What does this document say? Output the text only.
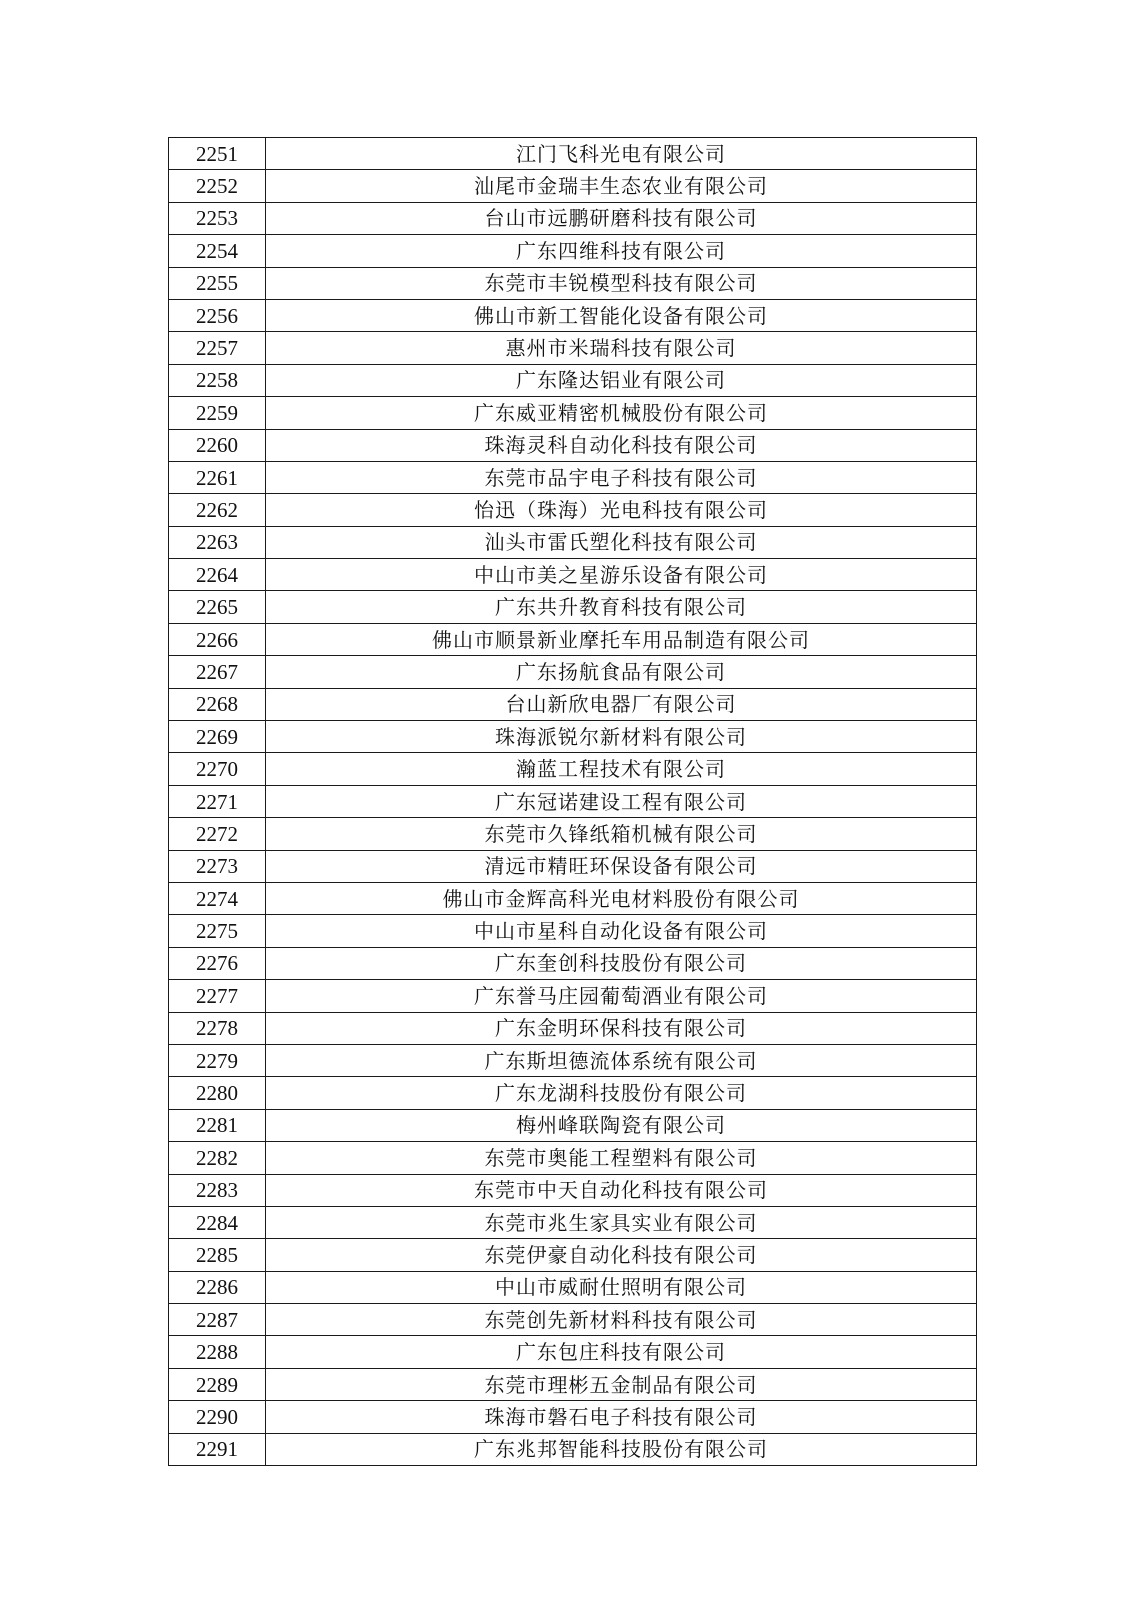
2251	江门飞科光电有限公司
2252	汕尾市金瑞丰生态农业有限公司
2253	台山市远鹏研磨科技有限公司
2254	广东四维科技有限公司
2255	东莞市丰锐模型科技有限公司
2256	佛山市新工智能化设备有限公司
2257	惠州市米瑞科技有限公司
2258	广东隆达铝业有限公司
2259	广东威亚精密机械股份有限公司
2260	珠海灵科自动化科技有限公司
2261	东莞市品宇电子科技有限公司
2262	怡迅（珠海）光电科技有限公司
2263	汕头市雷氏塑化科技有限公司
2264	中山市美之星游乐设备有限公司
2265	广东共升教育科技有限公司
2266	佛山市顺景新业摩托车用品制造有限公司
2267	广东扬航食品有限公司
2268	台山新欣电器厂有限公司
2269	珠海派锐尔新材料有限公司
2270	瀚蓝工程技术有限公司
2271	广东冠诺建设工程有限公司
2272	东莞市久锋纸箱机械有限公司
2273	清远市精旺环保设备有限公司
2274	佛山市金辉高科光电材料股份有限公司
2275	中山市星科自动化设备有限公司
2276	广东奎创科技股份有限公司
2277	广东誉马庄园葡萄酒业有限公司
2278	广东金明环保科技有限公司
2279	广东斯坦德流体系统有限公司
2280	广东龙湖科技股份有限公司
2281	梅州峰联陶瓷有限公司
2282	东莞市奥能工程塑料有限公司
2283	东莞市中天自动化科技有限公司
2284	东莞市兆生家具实业有限公司
2285	东莞伊豪自动化科技有限公司
2286	中山市威耐仕照明有限公司
2287	东莞创先新材料科技有限公司
2288	广东包庄科技有限公司
2289	东莞市理彬五金制品有限公司
2290	珠海市磐石电子科技有限公司
2291	广东兆邦智能科技股份有限公司
